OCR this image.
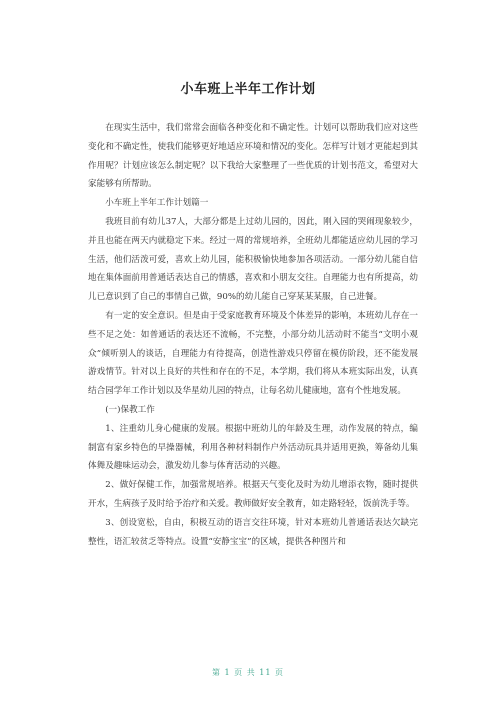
小车班上半年工作计划

在现实生活中，我们常常会面临各种变化和不确定性。计划可以帮助我们应对这些变化和不确定性，使我们能够更好地适应环境和情况的变化。怎样写计划才更能起到其作用呢？计划应该怎么制定呢？以下我给大家整理了一些优质的计划书范文，希望对大家能够有所帮助。

小车班上半年工作计划篇一

我班目前有幼儿37人，大部分都是上过幼儿园的，因此，刚入园的哭闹现象较少，并且也能在两天内就稳定下来。经过一周的常规培养，全班幼儿都能适应幼儿园的学习生活，他们活泼可爱，喜欢上幼儿园，能积极愉快地参加各项活动。一部分幼儿能自信地在集体面前用普通话表达自己的情感，喜欢和小朋友交往。自理能力也有所提高，幼儿已意识到了自己的事情自己做，90%的幼儿能自己穿某某某服，自己进餐。

有一定的安全意识。但是由于受家庭教育环境及个体差异的影响，本班幼儿存在一些不足之处：如普通话的表达还不流畅，不完整，小部分幼儿活动时不能当“文明小观众”倾听别人的谈话，自理能力有待提高，创造性游戏只停留在模仿阶段，还不能发展游戏情节。针对以上良好的共性和存在的不足，本学期，我们将从本班实际出发，认真结合园学年工作计划以及华星幼儿园的特点，让每名幼儿健康地，富有个性地发展。

(一)保教工作

1、注重幼儿身心健康的发展。根据中班幼儿的年龄及生理，动作发展的特点，编制富有家乡特色的早操器械，利用各种材料制作户外活动玩具并适用更换，筹备幼儿集体舞及趣味运动会，激发幼儿参与体育活动的兴趣。

2、做好保健工作，加强常规培养。根据天气变化及时为幼儿增添衣物，随时提供开水，生病孩子及时给予治疗和关爱。教师做好安全教育，如走路轻轻，饭前洗手等。

3、创设宽松，自由，积极互动的语言交往环境，针对本班幼儿普通话表达欠缺完整性，语汇较贫乏等特点。设置“安静宝宝”的区域，提供各种图片和

第 1 页 共 11 页
